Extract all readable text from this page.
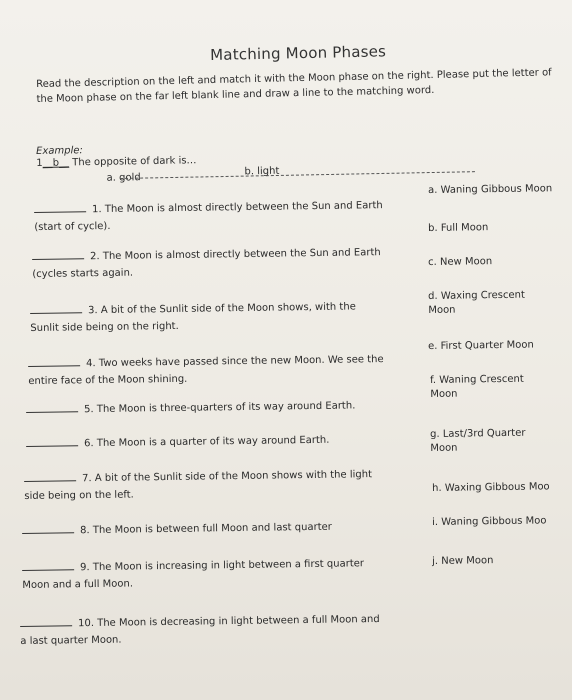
Matching Moon Phases
Read the description on the left and match it with the Moon phase on the right. Please put the letter of the Moon phase on the far left blank line and draw a line to the matching word.
Example:
1__b__ The opposite of dark is…
a. gold
b. light
1. The Moon is almost directly between the Sun and Earth
(start of cycle).
2. The Moon is almost directly between the Sun and Earth
(cycles starts again.
3. A bit of the Sunlit side of the Moon shows, with the
Sunlit side being on the right.
4. Two weeks have passed since the new Moon. We see the
entire face of the Moon shining.
5. The Moon is three-quarters of its way around Earth.
6. The Moon is a quarter of its way around Earth.
7. A bit of the Sunlit side of the Moon shows with the light
side being on the left.
8. The Moon is between full Moon and last quarter
9. The Moon is increasing in light between a first quarter
Moon and a full Moon.
10. The Moon is decreasing in light between a full Moon and
a last quarter Moon.
a. Waning Gibbous Moon
b. Full Moon
c. New Moon
d. Waxing Crescent
Moon
e. First Quarter Moon
f. Waning Crescent
Moon
g. Last/3rd Quarter
Moon
h. Waxing Gibbous Moo
i. Waning Gibbous Moo
j. New Moon
